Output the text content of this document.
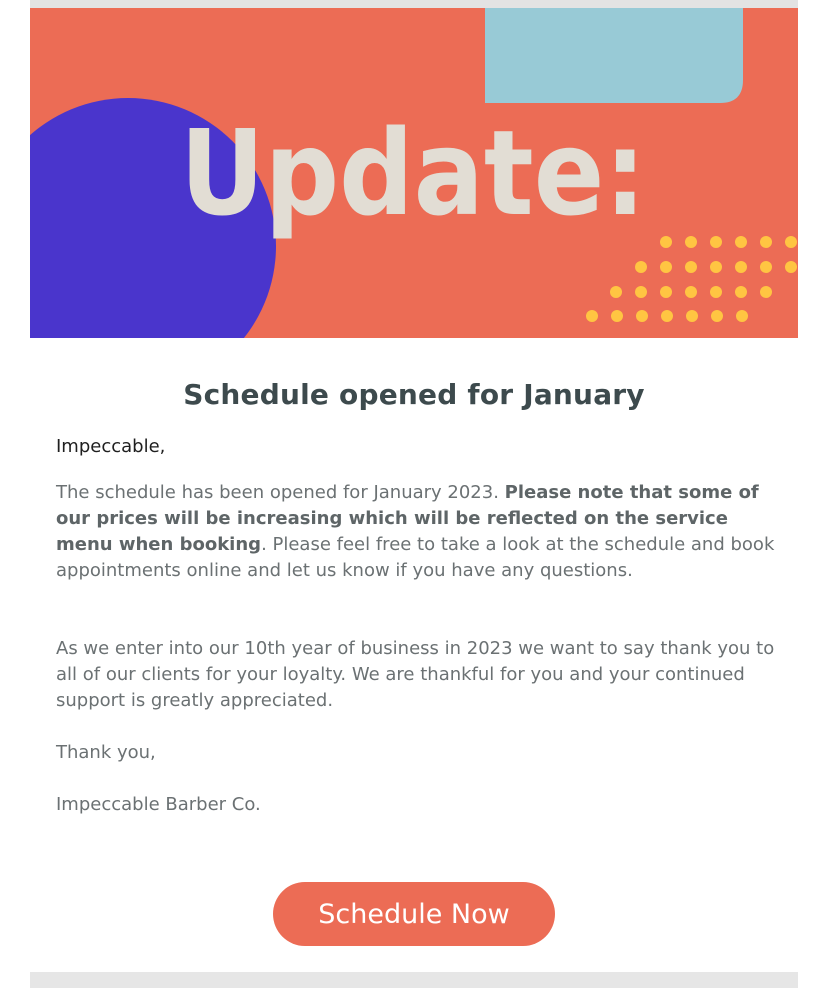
Update:
Schedule opened for January
Impeccable,
The schedule has been opened for January 2023. Please note that some of our prices will be increasing which will be reflected on the service menu when booking. Please feel free to take a look at the schedule and book appointments online and let us know if you have any questions.
As we enter into our 10th year of business in 2023 we want to say thank you to all of our clients for your loyalty. We are thankful for you and your continued support is greatly appreciated.
Thank you,
Impeccable Barber Co.
Schedule Now
